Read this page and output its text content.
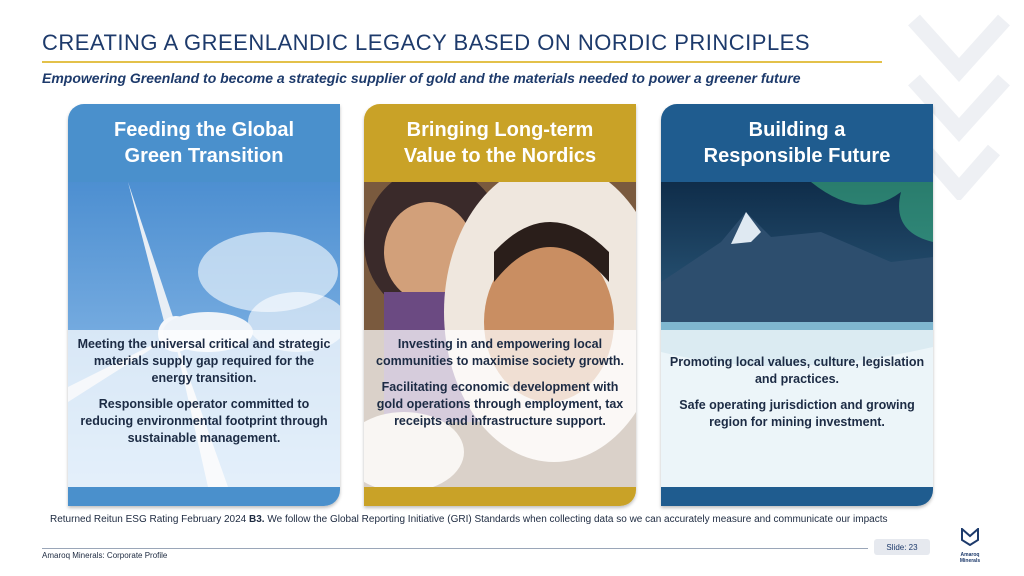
CREATING A GREENLANDIC LEGACY BASED ON NORDIC PRINCIPLES
Empowering Greenland to become a strategic supplier of gold and the materials needed to power a greener future
Feeding the Global
Green Transition

Meeting the universal critical and strategic materials supply gap required for the energy transition.

Responsible operator committed to reducing environmental footprint through sustainable management.

Bringing Long-term
Value to the Nordics

Investing in and empowering local communities to maximise society growth.

Facilitating economic development with gold operations through employment, tax receipts and infrastructure support.

Building a
Responsible Future

Promoting local values, culture, legislation and practices.

Safe operating jurisdiction and growing region for mining investment.

Returned Reitun ESG Rating February 2024 B3. We follow the Global Reporting Initiative (GRI) Standards when collecting data so we can accurately measure and communicate our impacts
Amaroq Minerals: Corporate Profile
Slide: 23
Amaroq Minerals
